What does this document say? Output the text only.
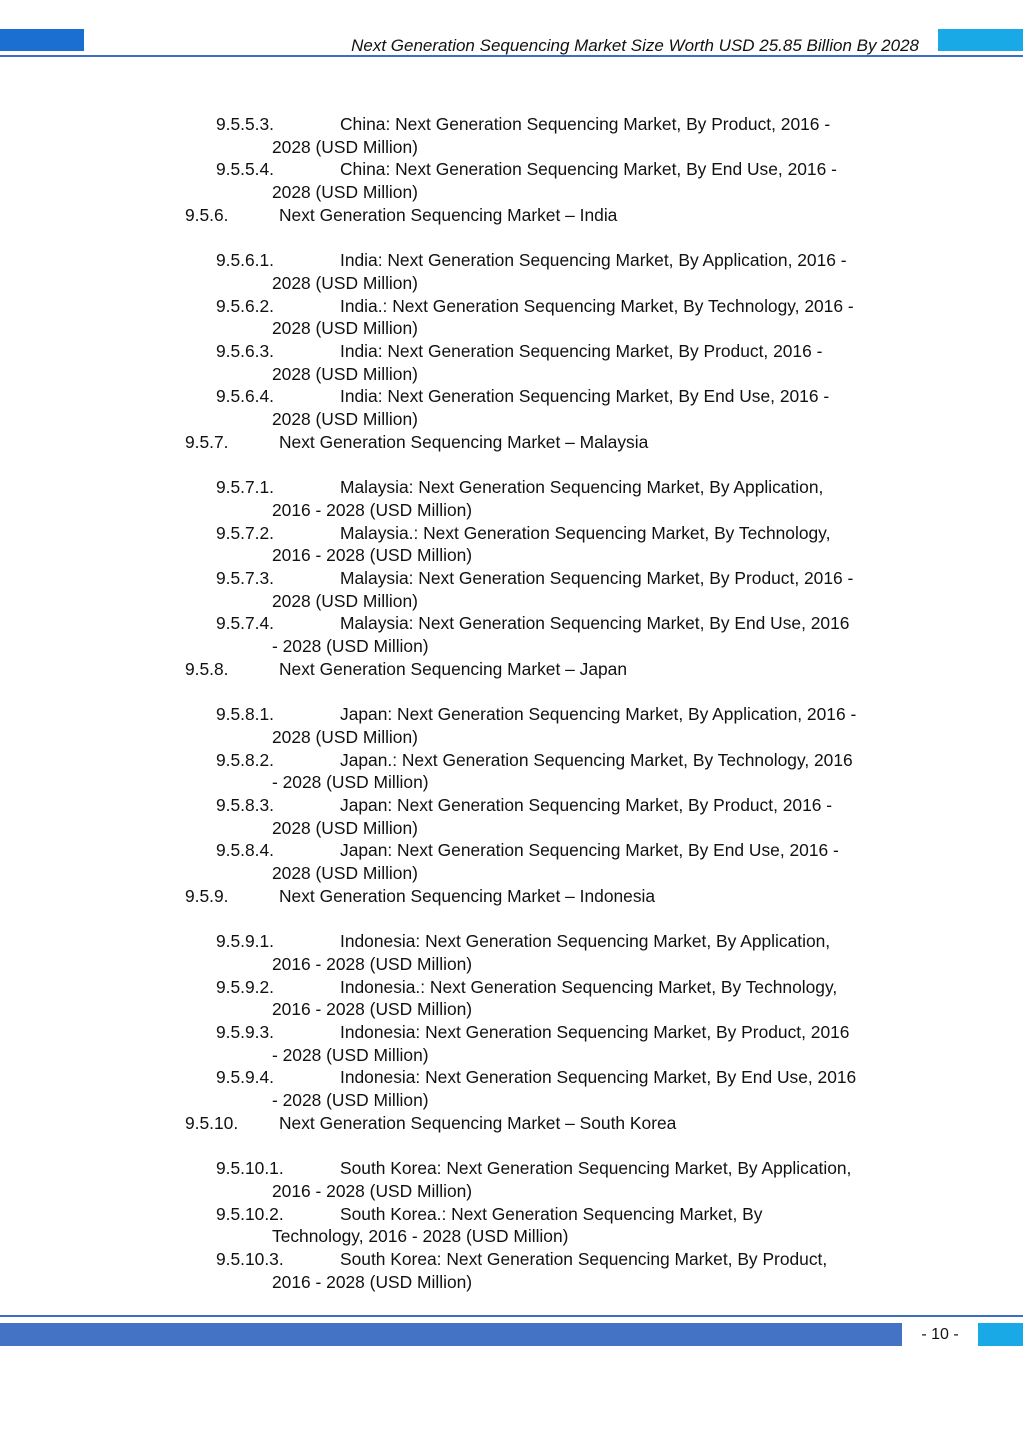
Next Generation Sequencing Market Size Worth USD 25.85 Billion By 2028
9.5.5.3.	China: Next Generation Sequencing Market, By Product, 2016 -
2028 (USD Million)
9.5.5.4.	China: Next Generation Sequencing Market, By End Use, 2016 -
2028 (USD Million)
9.5.6.	Next Generation Sequencing Market – India
9.5.6.1.	India: Next Generation Sequencing Market, By Application, 2016 -
2028 (USD Million)
9.5.6.2.	India.: Next Generation Sequencing Market, By Technology, 2016 -
2028 (USD Million)
9.5.6.3.	India: Next Generation Sequencing Market, By Product, 2016 -
2028 (USD Million)
9.5.6.4.	India: Next Generation Sequencing Market, By End Use, 2016 -
2028 (USD Million)
9.5.7.	Next Generation Sequencing Market – Malaysia
9.5.7.1.	Malaysia: Next Generation Sequencing Market, By Application,
2016 - 2028 (USD Million)
9.5.7.2.	Malaysia.: Next Generation Sequencing Market, By Technology,
2016 - 2028 (USD Million)
9.5.7.3.	Malaysia: Next Generation Sequencing Market, By Product, 2016 -
2028 (USD Million)
9.5.7.4.	Malaysia: Next Generation Sequencing Market, By End Use, 2016
- 2028 (USD Million)
9.5.8.	Next Generation Sequencing Market – Japan
9.5.8.1.	Japan: Next Generation Sequencing Market, By Application, 2016 -
2028 (USD Million)
9.5.8.2.	Japan.: Next Generation Sequencing Market, By Technology, 2016
- 2028 (USD Million)
9.5.8.3.	Japan: Next Generation Sequencing Market, By Product, 2016 -
2028 (USD Million)
9.5.8.4.	Japan: Next Generation Sequencing Market, By End Use, 2016 -
2028 (USD Million)
9.5.9.	Next Generation Sequencing Market – Indonesia
9.5.9.1.	Indonesia: Next Generation Sequencing Market, By Application,
2016 - 2028 (USD Million)
9.5.9.2.	Indonesia.: Next Generation Sequencing Market, By Technology,
2016 - 2028 (USD Million)
9.5.9.3.	Indonesia: Next Generation Sequencing Market, By Product, 2016
- 2028 (USD Million)
9.5.9.4.	Indonesia: Next Generation Sequencing Market, By End Use, 2016
- 2028 (USD Million)
9.5.10. Next Generation Sequencing Market – South Korea
9.5.10.1.	South Korea: Next Generation Sequencing Market, By Application,
2016 - 2028 (USD Million)
9.5.10.2.	South Korea.: Next Generation Sequencing Market, By
Technology, 2016 - 2028 (USD Million)
9.5.10.3.	South Korea: Next Generation Sequencing Market, By Product,
2016 - 2028 (USD Million)
- 10 -
